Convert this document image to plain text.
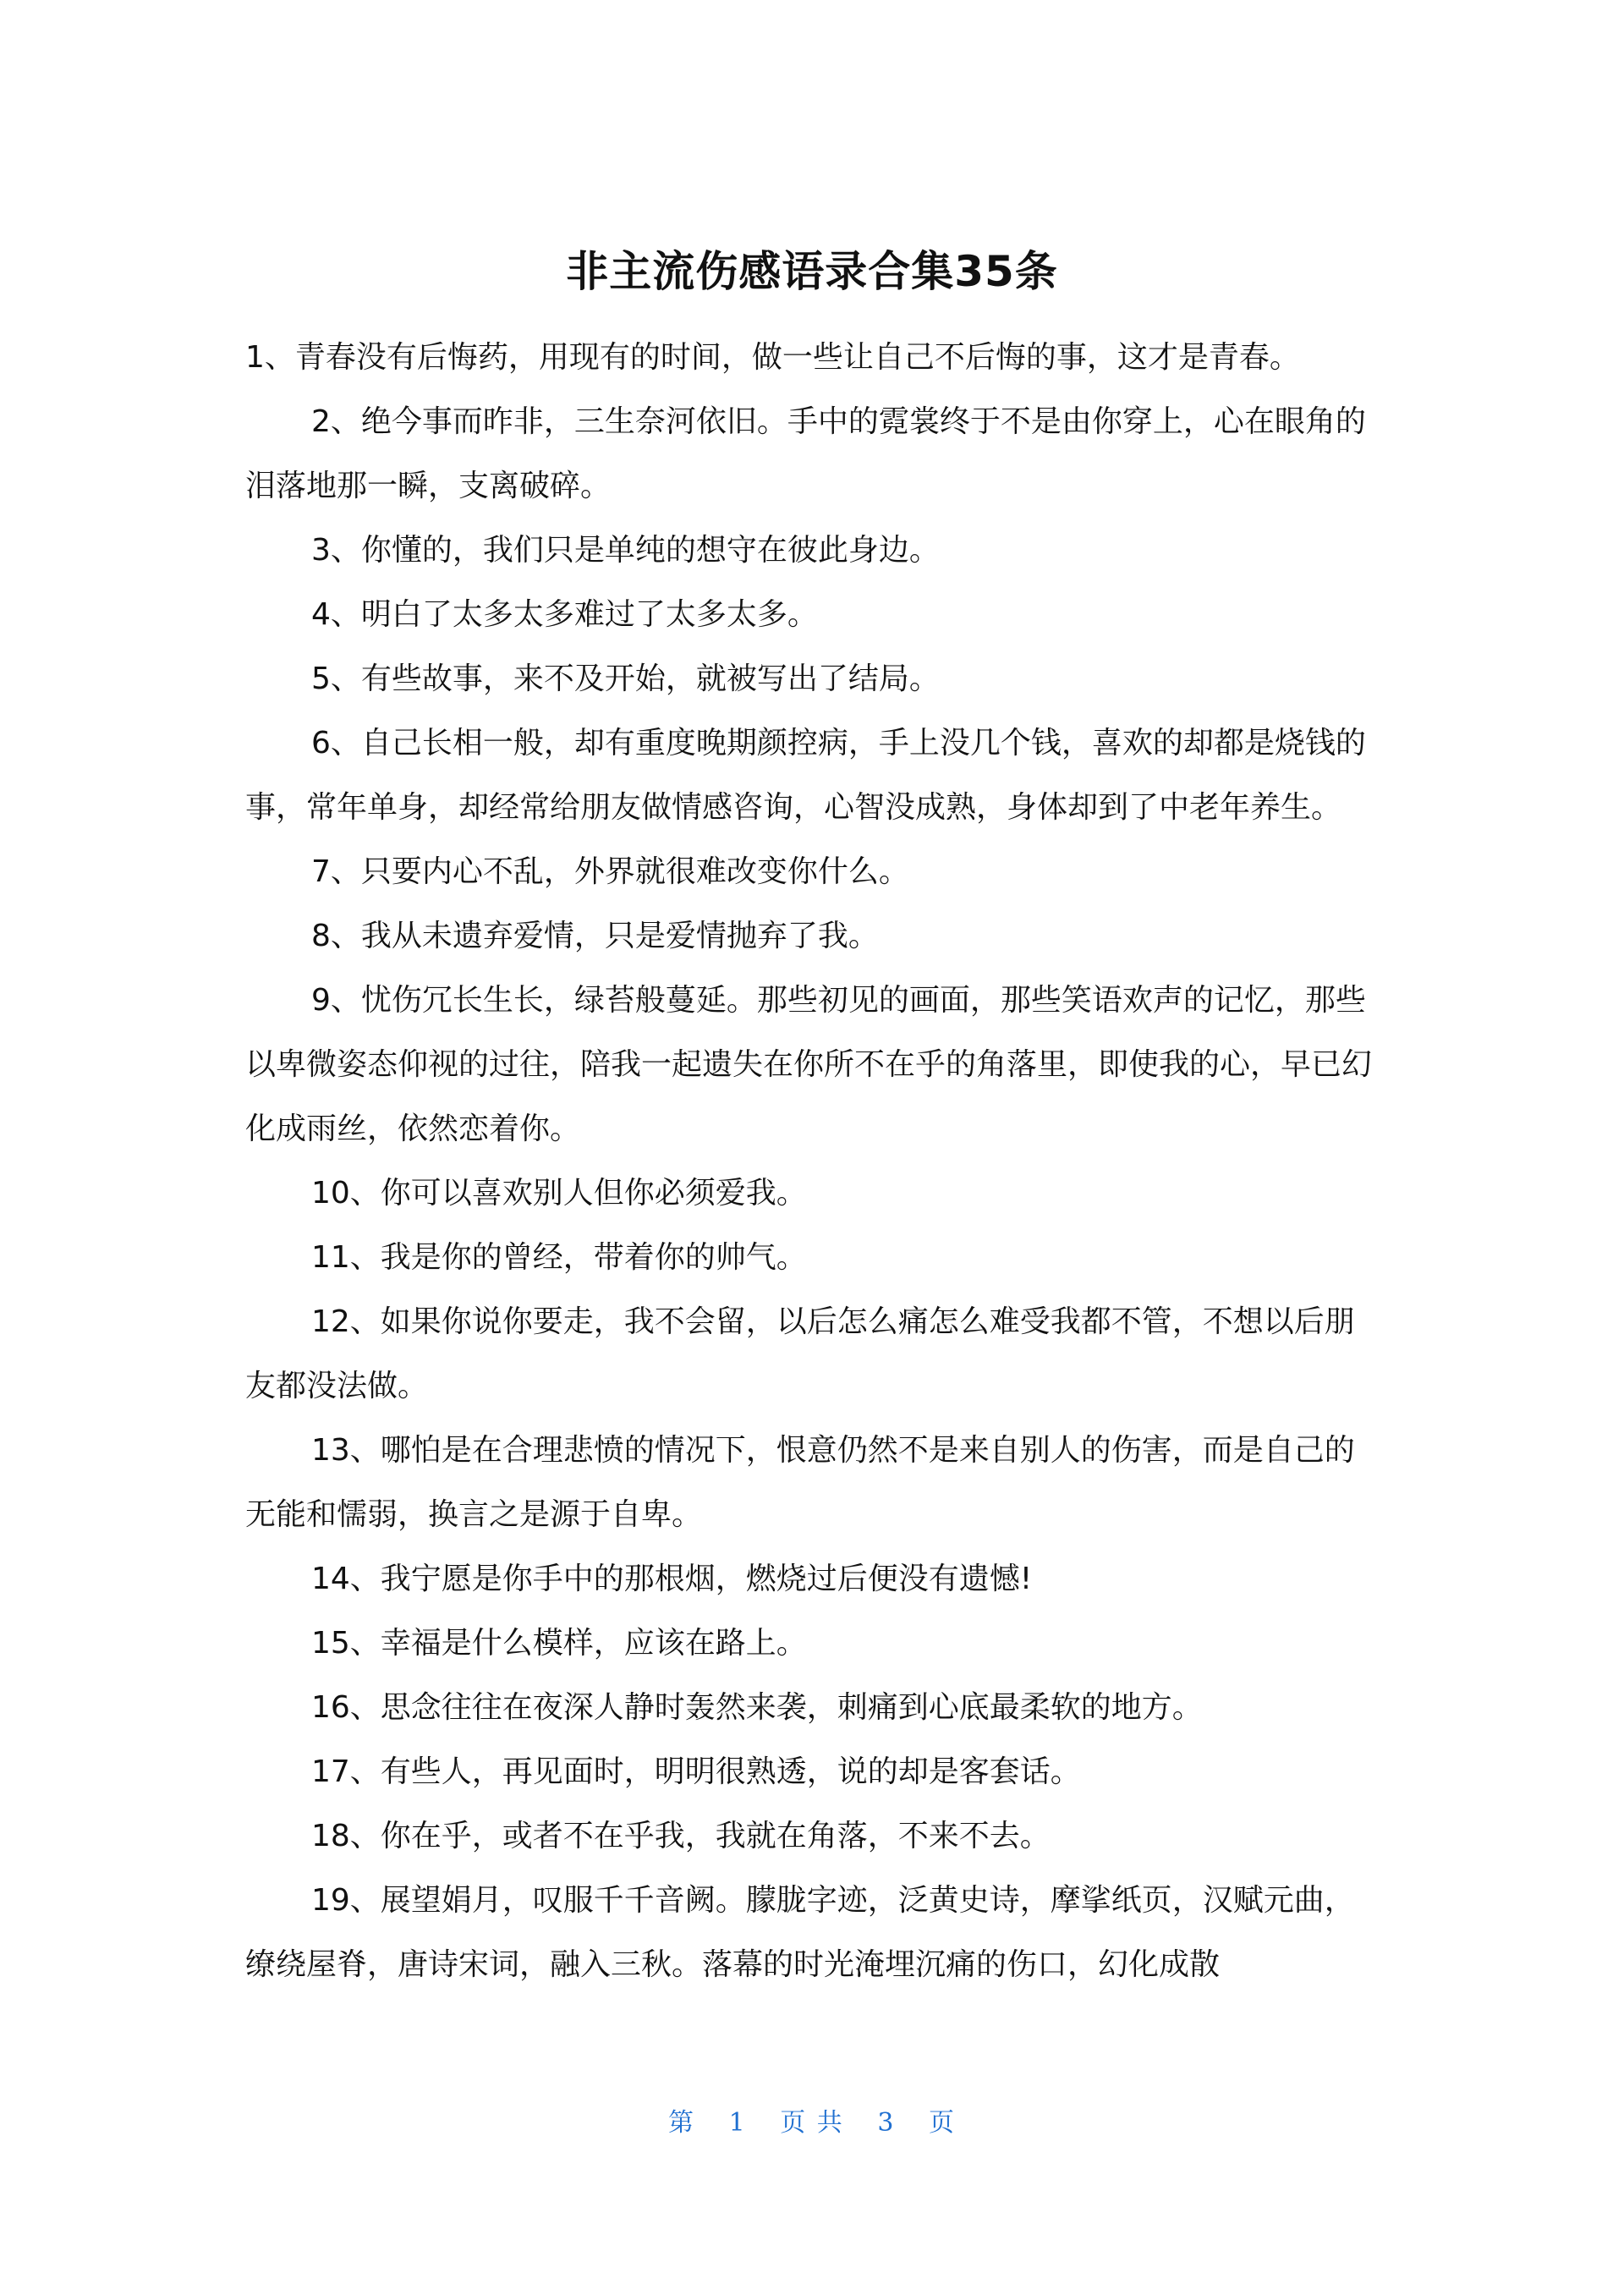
非主流伤感语录合集35条

1、青春没有后悔药，用现有的时间，做一些让自己不后悔的事，这才是青春。

2、绝今事而昨非，三生奈河依旧。手中的霓裳终于不是由你穿上，心在眼角的泪落地那一瞬，支离破碎。

3、你懂的，我们只是单纯的想守在彼此身边。

4、明白了太多太多难过了太多太多。

5、有些故事，来不及开始，就被写出了结局。

6、自己长相一般，却有重度晚期颜控病，手上没几个钱，喜欢的却都是烧钱的事，常年单身，却经常给朋友做情感咨询，心智没成熟，身体却到了中老年养生。

7、只要内心不乱，外界就很难改变你什么。

8、我从未遗弃爱情，只是爱情抛弃了我。

9、忧伤冗长生长，绿苔般蔓延。那些初见的画面，那些笑语欢声的记忆，那些以卑微姿态仰视的过往，陪我一起遗失在你所不在乎的角落里，即使我的心，早已幻化成雨丝，依然恋着你。

10、你可以喜欢别人但你必须爱我。

11、我是你的曾经，带着你的帅气。

12、如果你说你要走，我不会留，以后怎么痛怎么难受我都不管，不想以后朋友都没法做。

13、哪怕是在合理悲愤的情况下，恨意仍然不是来自别人的伤害，而是自己的无能和懦弱，换言之是源于自卑。

14、我宁愿是你手中的那根烟，燃烧过后便没有遗憾!

15、幸福是什么模样，应该在路上。

16、思念往往在夜深人静时轰然来袭，刺痛到心底最柔软的地方。

17、有些人，再见面时，明明很熟透，说的却是客套话。

18、你在乎，或者不在乎我，我就在角落，不来不去。

19、展望娟月，叹服千千音阙。朦胧字迹，泛黄史诗，摩挲纸页，汉赋元曲，缭绕屋脊，唐诗宋词，融入三秋。落幕的时光淹埋沉痛的伤口，幻化成散

第 1 页 共 3 页
